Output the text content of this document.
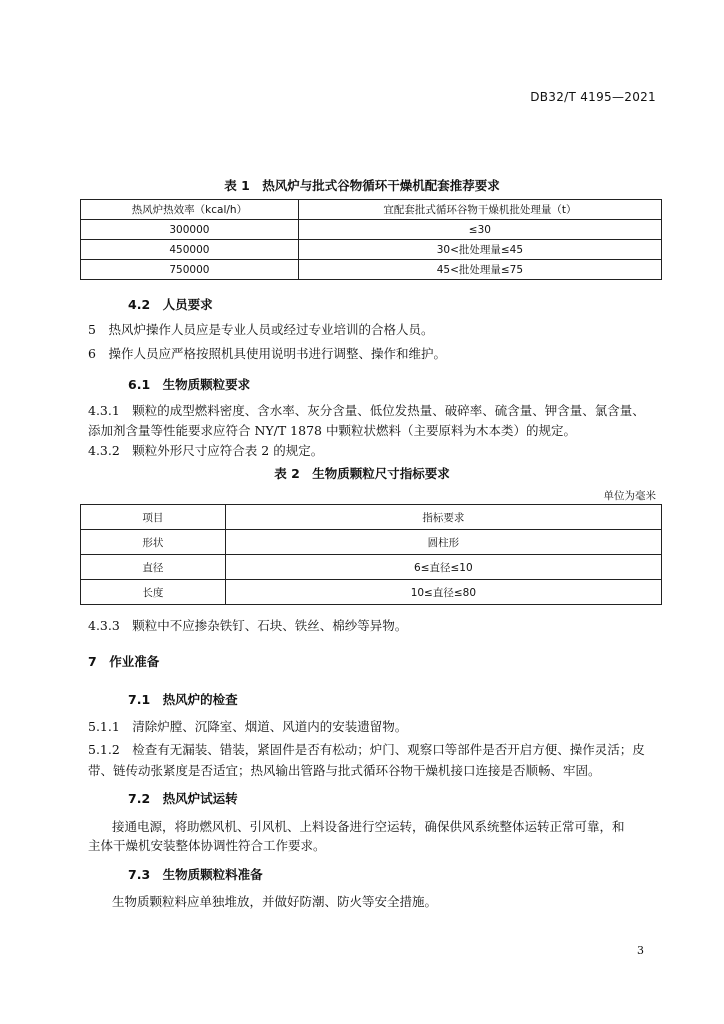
DB32/T 4195—2021
表 1　热风炉与批式谷物循环干燥机配套推荐要求
热风炉热效率（kcal/h）	宜配套批式循环谷物干燥机批处理量（t）
300000	≤30
450000	30<批处理量≤45
750000	45<批处理量≤75
4.2　人员要求
5　热风炉操作人员应是专业人员或经过专业培训的合格人员。
6　操作人员应严格按照机具使用说明书进行调整、操作和维护。
6.1　生物质颗粒要求
4.3.1　颗粒的成型燃料密度、含水率、灰分含量、低位发热量、破碎率、硫含量、钾含量、氯含量、
添加剂含量等性能要求应符合 NY/T 1878 中颗粒状燃料（主要原料为木本类）的规定。
4.3.2　颗粒外形尺寸应符合表 2 的规定。
表 2　生物质颗粒尺寸指标要求
单位为毫米
项目	指标要求
形状	圆柱形
直径	6≤直径≤10
长度	10≤直径≤80
4.3.3　颗粒中不应掺杂铁钉、石块、铁丝、棉纱等异物。
7　作业准备
7.1　热风炉的检查
5.1.1　清除炉膛、沉降室、烟道、风道内的安装遗留物。
5.1.2　检查有无漏装、错装，紧固件是否有松动；炉门、观察口等部件是否开启方便、操作灵活；皮
带、链传动张紧度是否适宜；热风输出管路与批式循环谷物干燥机接口连接是否顺畅、牢固。
7.2　热风炉试运转
接通电源，将助燃风机、引风机、上料设备进行空运转，确保供风系统整体运转正常可靠，和
主体干燥机安装整体协调性符合工作要求。
7.3　生物质颗粒料准备
生物质颗粒料应单独堆放，并做好防潮、防火等安全措施。
3
